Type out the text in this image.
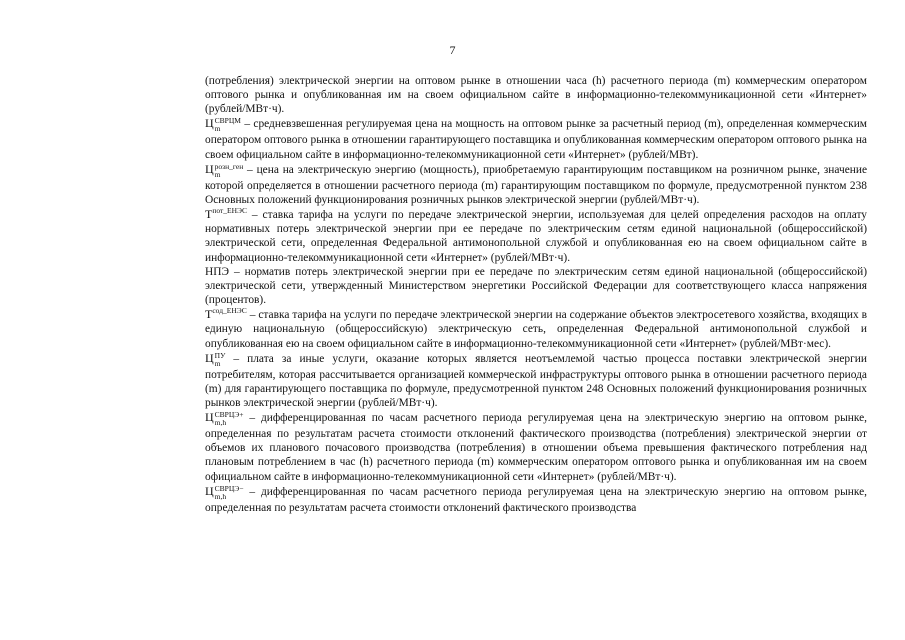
7

(потребления) электрической энергии на оптовом рынке в отношении часа (h) расчетного периода (m) коммерческим оператором оптового рынка и опубликованная им на своем официальном сайте в информационно-телекоммуникационной сети «Интернет» (рублей/МВт·ч).

Ц СВРЦМ
m	– средневзвешенная регулируемая цена на мощность на оптовом рынке за расчетный период (m), определенная коммерческим оператором оптового рынка в отношении гарантирующего поставщика и опубликованная коммерческим оператором оптового рынка на своем официальном сайте в информационно-телекоммуникационной сети «Интернет» (рублей/МВт).

Ц розн_ген
m	– цена на электрическую энергию (мощность), приобретаемую гарантирующим поставщиком на розничном рынке, значение которой определяется в отношении расчетного периода (m) гарантирующим поставщиком по формуле, предусмотренной пунктом 238 Основных положений функционирования розничных рынков электрической энергии (рублей/МВт·ч).

$T^{пот\_ЕНЭС}$ – ставка тарифа на услуги по передаче электрической энергии, используемая для целей определения расходов на оплату нормативных потерь электрической энергии при ее передаче по электрическим сетям единой национальной (общероссийской) электрической сети, определенная Федеральной антимонопольной службой и опубликованная ею на своем официальном сайте в информационно-телекоммуникационной сети «Интернет» (рублей/МВт·ч).

НПЭ – норматив потерь электрической энергии при ее передаче по электрическим сетям единой национальной (общероссийской) электрической сети, утвержденный Министерством энергетики Российской Федерации для соответствующего класса напряжения (процентов).

$T^{сод\_ЕНЭС}$ – ставка тарифа на услуги по передаче электрической энергии на содержание объектов электросетевого хозяйства, входящих в единую национальную (общероссийскую) электрическую сеть, определенная Федеральной антимонопольной службой и опубликованная ею на своем официальном сайте в информационно-телекоммуникационной сети «Интернет» (рублей/МВт·мес).

Ц ПУ
m – плата за иные услуги, оказание которых является неотъемлемой частью процесса поставки электрической энергии потребителям, которая рассчитывается организацией коммерческой инфраструктуры оптового рынка в отношении расчетного периода (m) для гарантирующего поставщика по формуле, предусмотренной пунктом 248 Основных положений функционирования розничных рынков электрической энергии (рублей/МВт·ч).

Ц СВРЦЭ+
m,h	– дифференцированная по часам расчетного периода регулируемая цена на электрическую энергию на оптовом рынке, определенная по результатам расчета стоимости отклонений фактического производства (потребления) электрической энергии от объемов их планового почасового производства (потребления) в отношении объема превышения фактического потребления над плановым потреблением в час (h) расчетного периода (m) коммерческим оператором оптового рынка и опубликованная им на своем официальном сайте в информационно-телекоммуникационной сети «Интернет» (рублей/МВт·ч).

Ц СВРЦЭ−
m,h	– дифференцированная по часам расчетного периода регулируемая цена на электрическую энергию на оптовом рынке, определенная по результатам расчета стоимости отклонений фактического производства
